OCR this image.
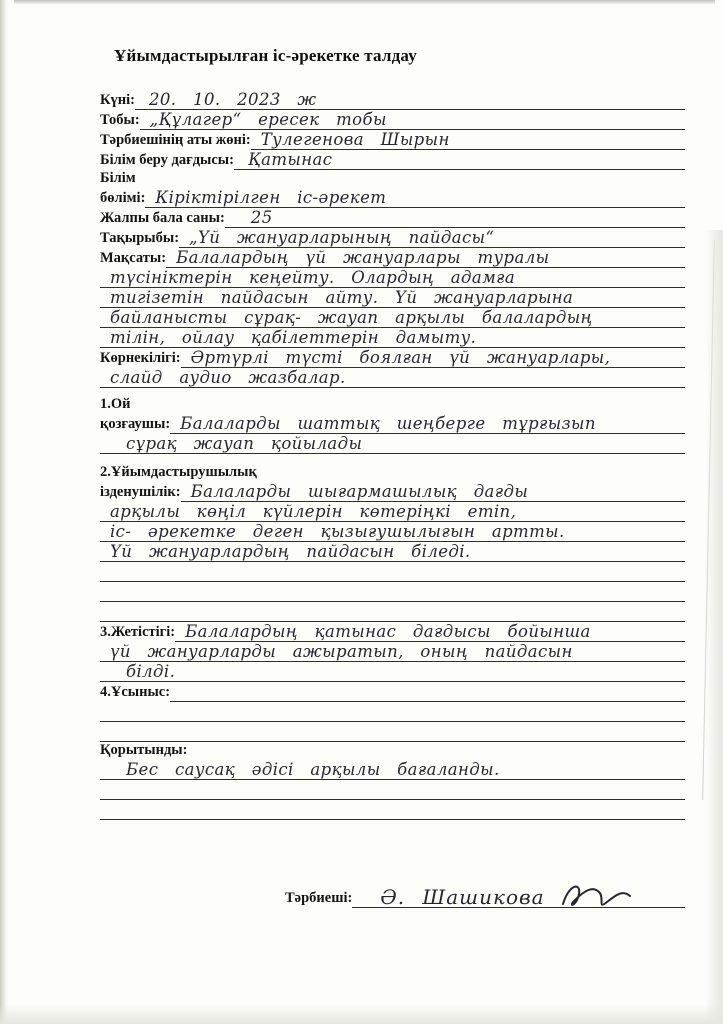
Ұйымдастырылған іс-әрекетке талдау
Күні: 20. 10. 2023 ж
Тобы: „Құлагер“ ересек тобы
Тәрбиешінің аты жөні: Тулегенова Шырын
Білім беру дағдысы: Қатынас
Білім
бөлімі: Кіріктірілген іс-әрекет
Жалпы бала саны:	25
Тақырыбы: „Үй жануарларының пайдасы“
Мақсаты: Балалардың үй жануарлары туралы
түсініктерін кеңейту. Олардың адамға
тигізетін пайдасын айту. Үй жануарларына
байланысты сұрақ- жауап арқылы балалардың
тілін, ойлау қабілеттерін дамыту.
Көрнекілігі: Әртүрлі түсті боялған үй жануарлары,
слайд аудио жазбалар.
1.Ой
қозғаушы: Балаларды шаттық шеңберге тұрғызып
сұрақ жауап қойылады
2.Ұйымдастырушылық
ізденушілік: Балаларды шығармашылық дағды
арқылы көңіл күйлерін көтеріңкі етіп,
іс- әрекетке деген қызығушылығын артты.
Үй жануарлардың пайдасын біледі.
3.Жетістігі: Балалардың қатынас дағдысы бойынша
үй жануарларды ажыратып, оның пайдасын
білді.
4.Ұсыныс:
Қорытынды:
Бес саусақ әдісі арқылы бағаланды.
Тәрбиеші: Ә. Шашикова
